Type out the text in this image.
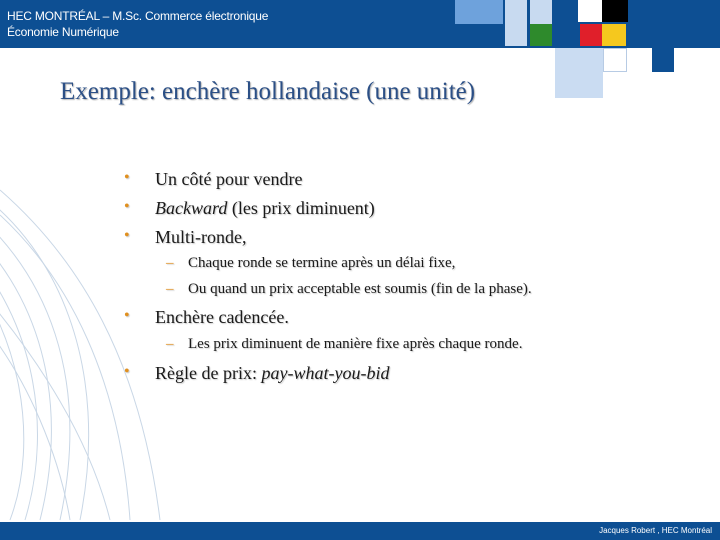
HEC MONTRÉAL – M.Sc. Commerce électronique
Économie Numérique
Exemple: enchère hollandaise (une unité)
• Un côté pour vendre
• Backward (les prix diminuent)
• Multi-ronde,
– Chaque ronde se termine après un délai fixe,
– Ou quand un prix acceptable est soumis (fin de la phase).
• Enchère cadencée.
– Les prix diminuent de manière fixe après chaque ronde.
• Règle de prix: pay-what-you-bid
Jacques Robert , HEC Montréal
